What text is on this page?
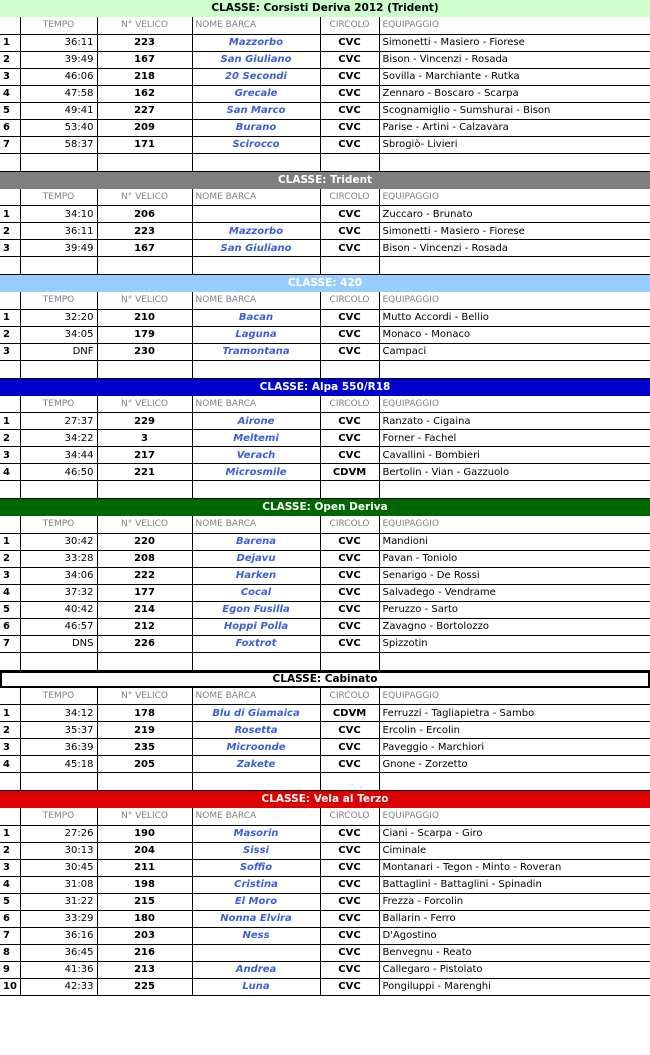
CLASSE: Corsisti Deriva 2012 (Trident)
	TEMPO	N° VELICO	NOME BARCA	CIRCOLO	EQUIPAGGIO
1	36:11	223	Mazzorbo	CVC	Simonetti - Masiero - Fiorese
2	39:49	167	San Giuliano	CVC	Bison - Vincenzi - Rosada
3	46:06	218	20 Secondi	CVC	Sovilla - Marchiante - Rutka
4	47:58	162	Grecale	CVC	Zennaro - Boscaro - Scarpa
5	49:41	227	San Marco	CVC	Scognamiglio - Sumshurai - Bison
6	53:40	209	Burano	CVC	Parise - Artini - Calzavara
7	58:37	171	Scirocco	CVC	Sbrogiò- Livieri

CLASSE: Trident
	TEMPO	N° VELICO	NOME BARCA	CIRCOLO	EQUIPAGGIO
1	34:10	206		CVC	Zuccaro - Brunato
2	36:11	223	Mazzorbo	CVC	Simonetti - Masiero - Fiorese
3	39:49	167	San Giuliano	CVC	Bison - Vincenzi - Rosada

CLASSE: 420
	TEMPO	N° VELICO	NOME BARCA	CIRCOLO	EQUIPAGGIO
1	32:20	210	Bacan	CVC	Mutto Accordi - Bellio
2	34:05	179	Laguna	CVC	Monaco - Monaco
3	DNF	230	Tramontana	CVC	Campaci

CLASSE: Alpa 550/R18
	TEMPO	N° VELICO	NOME BARCA	CIRCOLO	EQUIPAGGIO
1	27:37	229	Airone	CVC	Ranzato - Cigaina
2	34:22	3	Meltemi	CVC	Forner - Fachel
3	34:44	217	Verach	CVC	Cavallini - Bombieri
4	46:50	221	Microsmile	CDVM	Bertolin - Vian - Gazzuolo

CLASSE: Open Deriva
	TEMPO	N° VELICO	NOME BARCA	CIRCOLO	EQUIPAGGIO
1	30:42	220	Barena	CVC	Mandioni
2	33:28	208	Dejavu	CVC	Pavan - Toniolo
3	34:06	222	Harken	CVC	Senarigo - De Rossi
4	37:32	177	Cocal	CVC	Salvadego - Vendrame
5	40:42	214	Egon Fusilla	CVC	Peruzzo - Sarto
6	46:57	212	Hoppi Polla	CVC	Zavagno - Bortolozzo
7	DNS	226	Foxtrot	CVC	Spizzotin

CLASSE: Cabinato
	TEMPO	N° VELICO	NOME BARCA	CIRCOLO	EQUIPAGGIO
1	34:12	178	Blu di Giamaica	CDVM	Ferruzzi - Tagliapietra - Sambo
2	35:37	219	Rosetta	CVC	Ercolin - Ercolin
3	36:39	235	Microonde	CVC	Paveggio - Marchiori
4	45:18	205	Zakete	CVC	Gnone - Zorzetto

CLASSE: Vela al Terzo
	TEMPO	N° VELICO	NOME BARCA	CIRCOLO	EQUIPAGGIO
1	27:26	190	Masorin	CVC	Ciani - Scarpa - Giro
2	30:13	204	Sissi	CVC	Ciminale
3	30:45	211	Soffio	CVC	Montanari - Tegon - Minto - Roveran
4	31:08	198	Cristina	CVC	Battaglini - Battaglini - Spinadin
5	31:22	215	El Moro	CVC	Frezza - Forcolin
6	33:29	180	Nonna Elvira	CVC	Ballarin - Ferro
7	36:16	203	Ness	CVC	D'Agostino
8	36:45	216		CVC	Benvegnu - Reato
9	41:36	213	Andrea	CVC	Callegaro - Pistolato
10	42:33	225	Luna	CVC	Pongiluppi - Marenghi
